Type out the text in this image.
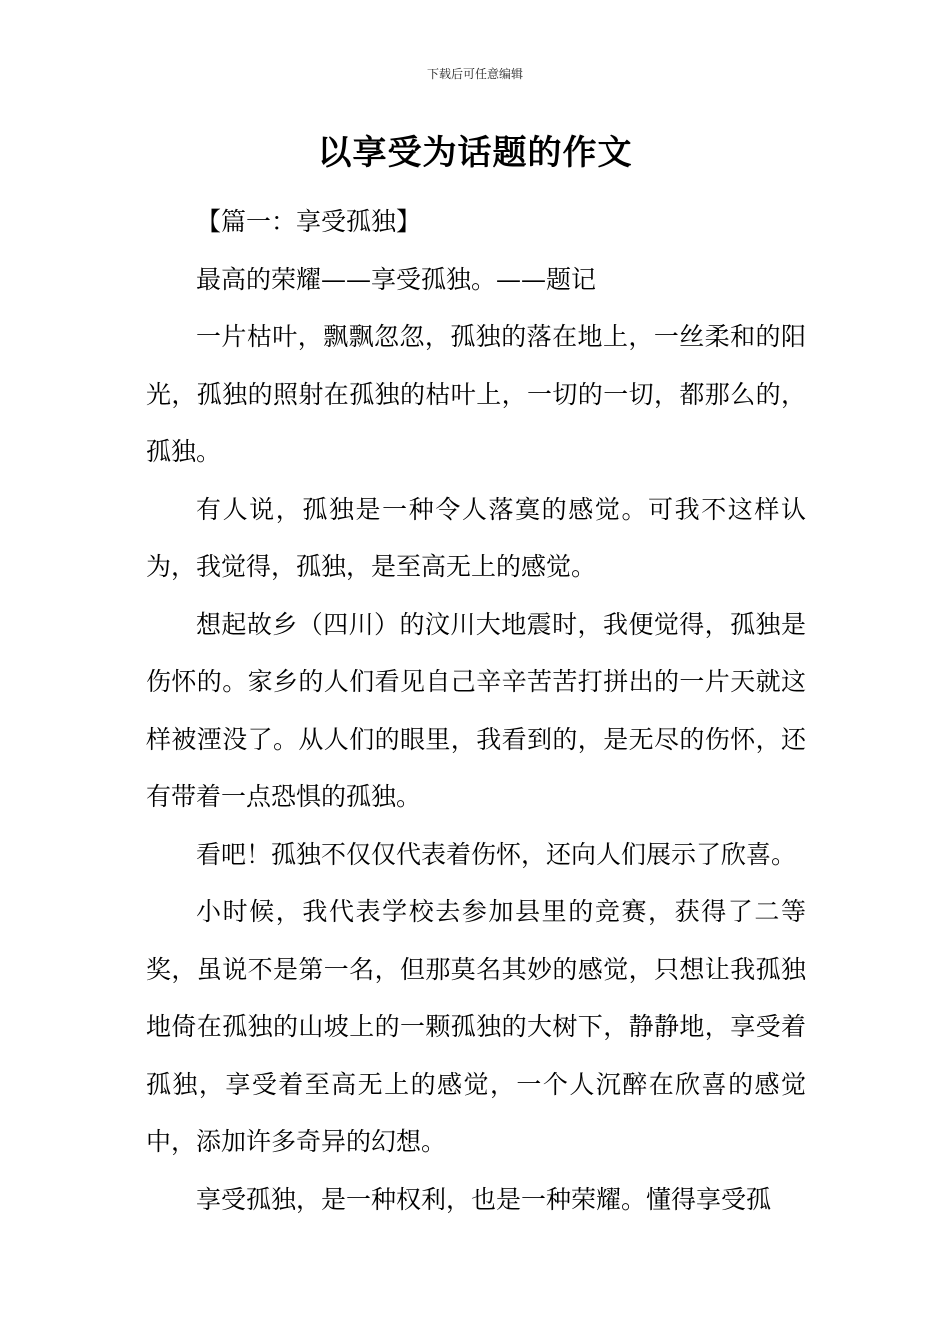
下载后可任意编辑
以享受为话题的作文

【篇一：享受孤独】

最高的荣耀——享受孤独。——题记

一片枯叶，飘飘忽忽，孤独的落在地上，一丝柔和的阳光，孤独的照射在孤独的枯叶上，一切的一切，都那么的，孤独。

有人说，孤独是一种令人落寞的感觉。可我不这样认为，我觉得，孤独，是至高无上的感觉。

想起故乡（四川）的汶川大地震时，我便觉得，孤独是伤怀的。家乡的人们看见自己辛辛苦苦打拼出的一片天就这样被湮没了。从人们的眼里，我看到的，是无尽的伤怀，还有带着一点恐惧的孤独。

看吧！孤独不仅仅代表着伤怀，还向人们展示了欣喜。

小时候，我代表学校去参加县里的竞赛，获得了二等奖，虽说不是第一名，但那莫名其妙的感觉，只想让我孤独地倚在孤独的山坡上的一颗孤独的大树下，静静地，享受着孤独，享受着至高无上的感觉，一个人沉醉在欣喜的感觉中，添加许多奇异的幻想。

享受孤独，是一种权利，也是一种荣耀。懂得享受孤
